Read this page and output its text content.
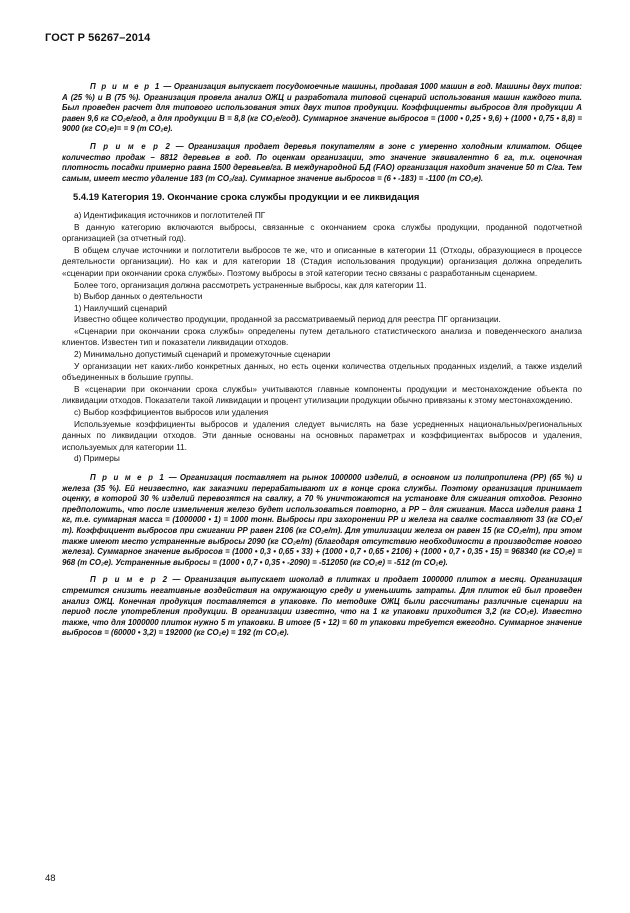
ГОСТ Р 56267–2014

П р и м е р 1 — Организация выпускает посудомоечные машины, продавая 1000 машин в год. Машины двух типов: А (25 %) и В (75 %). Организация провела анализ ОЖЦ и разработала типовой сценарий использования машин каждого типа. Был проведен расчет для типового использования этих двух типов продукции. Коэффициенты выбросов для продукции А равен 9,6 кг CO₂е/год, а для продукции В = 8,8 (кг CO₂е/год). Суммарное значение выбросов = (1000 • 0,25 • 9,6) + (1000 • 0,75 • 8,8) = 9000 (кг CO₂е)= = 9 (т CO₂е).

П р и м е р 2 — Организация продает деревья покупателям в зоне с умеренно холодным климатом. Общее количество продаж – 8812 деревьев в год. По оценкам организации, это значение эквивалентно 6 га, т.к. оценочная плотность посадки примерно равна 1500 деревьев/га. В международной БД (FAO) организация находит значение 50 т С/га. Тем самым, имеет место удаление 183 (т CO₂/га). Суммарное значение выбросов = (6 • -183) = -1100 (т CO₂е).

5.4.19 Категория 19. Окончание срока службы продукции и ее ликвидация

а) Идентификация источников и поглотителей ПГ

В данную категорию включаются выбросы, связанные с окончанием срока службы продукции, проданной подотчетной организацией (за отчетный год).

В общем случае источники и поглотители выбросов те же, что и описанные в категории 11 (Отходы, образующиеся в процессе деятельности организации). Но как и для категории 18 (Стадия использования продукции) организация должна определить «сценарии при окончании срока службы». Поэтому выбросы в этой категории тесно связаны с разработанным сценарием.

Более того, организация должна рассмотреть устраненные выбросы, как для категории 11.

b) Выбор данных о деятельности

1) Наилучший сценарий

Известно общее количество продукции, проданной за рассматриваемый период для реестра ПГ организации.

«Сценарии при окончании срока службы» определены путем детального статистического анализа и поведенческого анализа клиентов. Известен тип и показатели ликвидации отходов.

2) Минимально допустимый сценарий и промежуточные сценарии

У организации нет каких-либо конкретных данных, но есть оценки количества отдельных проданных изделий, а также изделий объединенных в большие группы.

В «сценарии при окончании срока службы» учитываются главные компоненты продукции и местонахождение объекта по ликвидации отходов. Показатели такой ликвидации и процент утилизации продукции обычно привязаны к этому местонахождению.

с) Выбор коэффициентов выбросов или удаления

Используемые коэффициенты выбросов и удаления следует вычислять на базе усредненных национальных/региональных данных по ликвидации отходов. Эти данные основаны на основных параметрах и коэффициентах выбросов и удаления, используемых для категории 11.

d) Примеры

П р и м е р 1 — Организация поставляет на рынок 1000000 изделий, в основном из полипропилена (РР) (65 %) и железа (35 %). Ей неизвестно, как заказчики перерабатывают их в конце срока службы. Поэтому организация принимает оценку, в которой 30 % изделий перевозятся на свалку, а 70 % уничтожаются на установке для сжигания отходов. Резонно предположить, что после измельчения железо будет использоваться повторно, а РР – для сжигания. Масса изделия равна 1 кг, т.е. суммарная масса = (1000000 • 1) = 1000 тонн. Выбросы при захоронении РР и железа на свалке составляют 33 (кг CO₂е/т). Коэффициент выбросов при сжигании РР равен 2106 (кг CO₂е/т). Для утилизации железа он равен 15 (кг CO₂е/т), при этом также имеют место устраненные выбросы 2090 (кг CO₂е/т) (благодаря отсутствию необходимости в производстве нового железа). Суммарное значение выбросов = (1000 • 0,3 • 0,65 • 33) + (1000 • 0,7 • 0,65 • 2106) + (1000 • 0,7 • 0,35 • 15) = 968340 (кг CO₂е) = 968 (т CO₂е). Устраненные выбросы = (1000 • 0,7 • 0,35 • -2090) = -512050 (кг CO₂е) = -512 (т CO₂е).

П р и м е р 2 — Организация выпускает шоколад в плитках и продает 1000000 плиток в месяц. Организация стремится снизить негативные воздействия на окружающую среду и уменьшить затраты. Для плиток ей был проведен анализ ОЖЦ. Конечная продукция поставляется в упаковке. По методике ОЖЦ были рассчитаны различные сценарии на период после употребления продукции. В организации известно, что на 1 кг упаковки приходится 3,2 (кг CO₂е). Известно также, что для 1000000 плиток нужно 5 т упаковки. В итоге (5 • 12) = 60 т упаковки требуется ежегодно. Суммарное значение выбросов = (60000 • 3,2) = 192000 (кг CO₂е) = 192 (т CO₂е).

48
